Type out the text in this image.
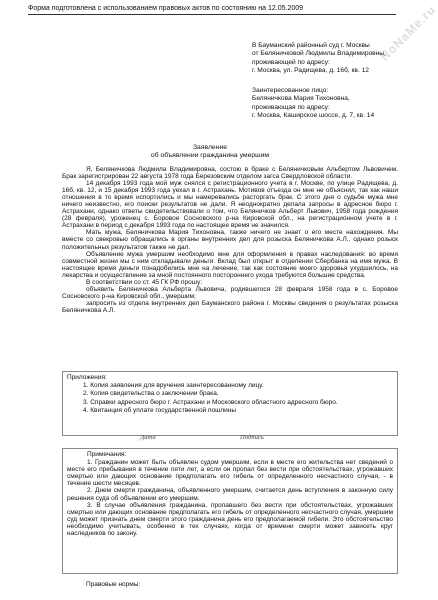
Форма подготовлена с использованием правовых актов по состоянию на 12.05.2009	NoNaMe.ru
В Бауманский районный суд г. Москвы
от Беляничковой Людмилы Владимировны,
проживающей по адресу:
г. Москва, ул. Радищева, д. 16б, кв. 12
Заинтересованное лицо:
Беляничкова Мария Тихоновна,
проживающая по адресу:
г. Москва, Каширское шоссе, д. 7, кв. 14
Заявление
об объявлении гражданина умершим

Я, Беляничкова Людмила Владимировна, состою в браке с Беляничковым Альбертом Львовичем. Брак зарегистрирован 22 августа 1978 года Березовским отделом загса Свердловской области.

14 декабря 1993 года мой муж снялся с регистрационного учета в г. Москве, по улице Радищева, д. 16б, кв. 12, и 15 декабря 1993 года уехал в г. Астрахань. Мотивов отъезда он мне не объяснил, так как наши отношения в то время испортились и мы намеревались расторгать брак. С этого дня о судьбе мужа мне ничего неизвестно, его поиски результатов не дали. Я неоднократно делала запросы в адресное бюро г. Астрахани, однако ответы свидетельствовали о том, что Беляничков Альберт Львович, 1958 года рождения (28 февраля), уроженец с. Боровое Сосновского р-на Кировской обл., на регистрационном учете в г. Астрахани в период с декабря 1993 года по настоящее время не значился.

Мать мужа, Беляничкова Мария Тихоновна, также ничего не знает о его месте нахождения. Мы вместе со свекровью обращались в органы внутренних дел для розыска Беляничкова А.Л., однако розыск положительных результатов также не дал.

Объявление мужа умершим необходимо мне для оформления в правах наследования: во время совместной жизни мы с ним откладывали деньги. Вклад был открыт в отделении Сбербанка на имя мужа. В настоящее время деньги понадобились мне на лечение, так как состояние моего здоровья ухудшилось, на лекарства и осуществление за мной постоянного постороннего ухода требуются большие средства.

В соответствии со ст. 45 ГК РФ прошу:

объявить Беляничкова Альберта Львовича, родившегося 28 февраля 1958 года в с. Боровое Сосновского р-на Кировской обл., умершим;

запросить из отдела внутренних дел Бауманского района г. Москвы сведения о результатах розыска Беляничкова А.Л.

Приложения:
1. Копия заявления для вручения заинтересованному лицу.
2. Копия свидетельства о заключении брака.
3. Справки адресного бюро г. Астрахани и Московского областного адресного бюро.
4. Квитанция об уплате государственной пошлины
Дата	Подпись

Примечания:

1. Гражданин может быть объявлен судом умершим, если в месте его жительства нет сведений о месте его пребывания в течение пяти лет, а если он пропал без вести при обстоятельствах, угрожавших смертью или дающих основание предполагать его гибель от определенного несчастного случая, - в течение шести месяцев.

2. Днем смерти гражданина, объявленного умершим, считается день вступления в законную силу решения суда об объявлении его умершим.

3. В случае объявления гражданина, пропавшего без вести при обстоятельствах, угрожавших смертью или дающих основание предполагать его гибель от определенного несчастного случая, умершим суд может признать днем смерти этого гражданина день его предполагаемой гибели. Это обстоятельство необходимо учитывать, особенно в тех случаях, когда от времени смерти может зависеть круг наследников по закону.

Правовые нормы:
